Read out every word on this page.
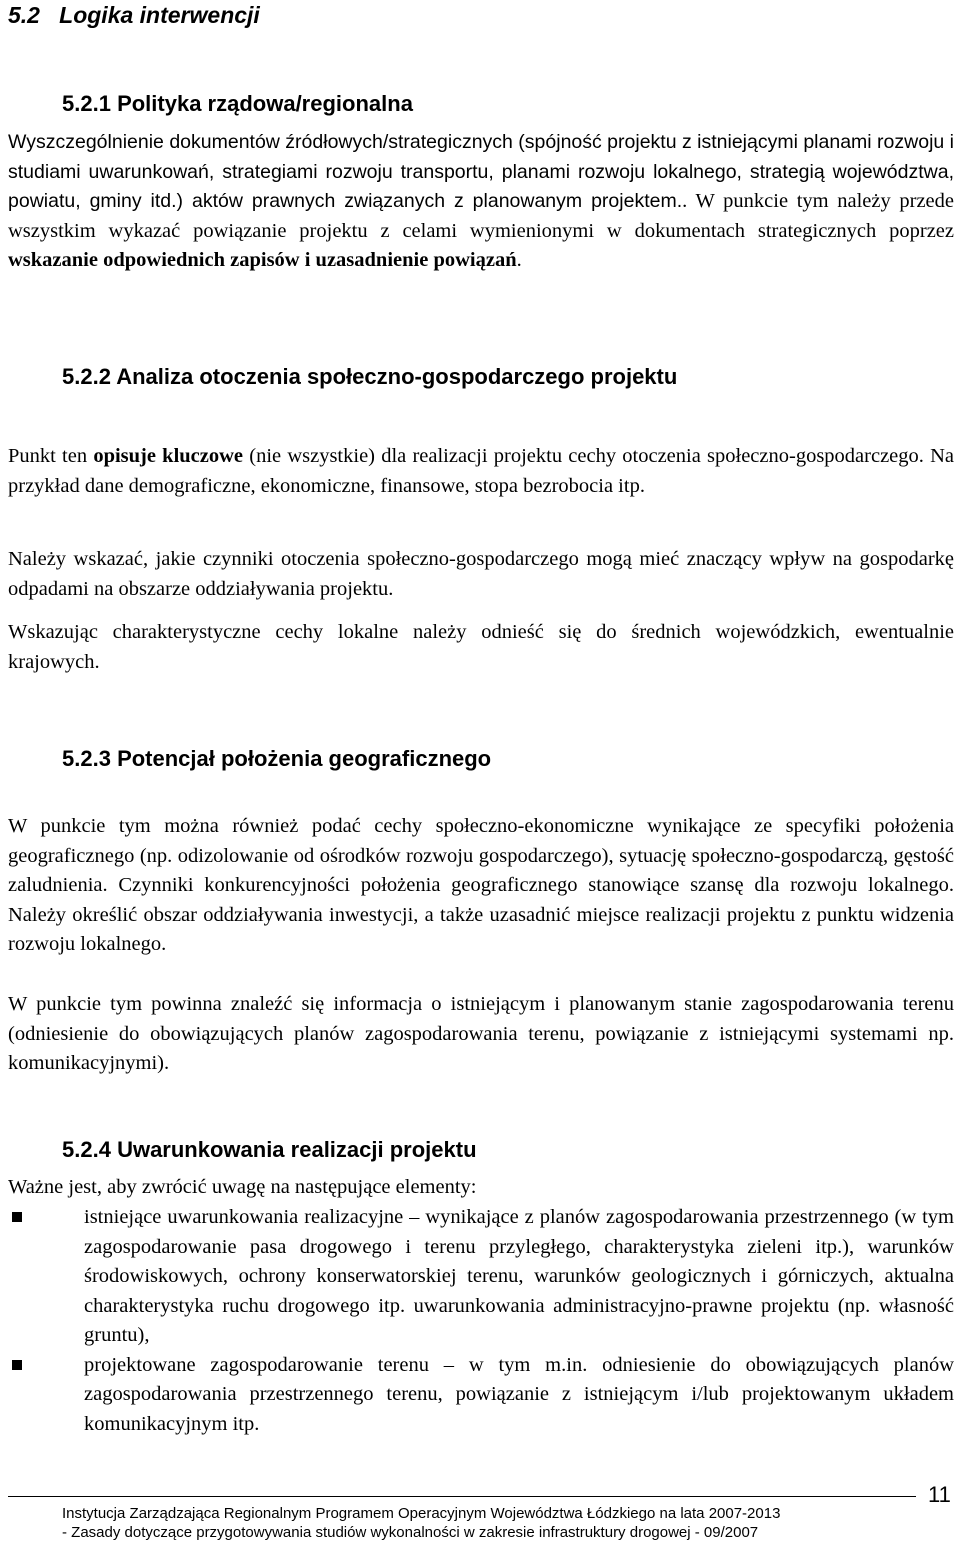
5.2 Logika interwencji
5.2.1 Polityka rządowa/regionalna
Wyszczególnienie dokumentów źródłowych/strategicznych (spójność projektu z istniejącymi planami rozwoju i studiami uwarunkowań, strategiami rozwoju transportu, planami rozwoju lokalnego, strategią województwa, powiatu, gminy itd.) aktów prawnych związanych z planowanym projektem.. W punkcie tym należy przede wszystkim wykazać powiązanie projektu z celami wymienionymi w dokumentach strategicznych poprzez wskazanie odpowiednich zapisów i uzasadnienie powiązań.
5.2.2 Analiza otoczenia społeczno-gospodarczego projektu
Punkt ten opisuje kluczowe (nie wszystkie) dla realizacji projektu cechy otoczenia społeczno-gospodarczego. Na przykład dane demograficzne, ekonomiczne, finansowe, stopa bezrobocia itp.
Należy wskazać, jakie czynniki otoczenia społeczno-gospodarczego mogą mieć znaczący wpływ na gospodarkę odpadami na obszarze oddziaływania projektu.
Wskazując charakterystyczne cechy lokalne należy odnieść się do średnich wojewódzkich, ewentualnie krajowych.
5.2.3 Potencjał położenia geograficznego
W punkcie tym można również podać cechy społeczno-ekonomiczne wynikające ze specyfiki położenia geograficznego (np. odizolowanie od ośrodków rozwoju gospodarczego), sytuację społeczno-gospodarczą, gęstość zaludnienia. Czynniki konkurencyjności położenia geograficznego stanowiące szansę dla rozwoju lokalnego. Należy określić obszar oddziaływania inwestycji, a także uzasadnić miejsce realizacji projektu z punktu widzenia rozwoju lokalnego.
W punkcie tym powinna znaleźć się informacja o istniejącym i planowanym stanie zagospodarowania terenu (odniesienie do obowiązujących planów zagospodarowania terenu, powiązanie z istniejącymi systemami np. komunikacyjnymi).
5.2.4 Uwarunkowania realizacji projektu
Ważne jest, aby zwrócić uwagę na następujące elementy:
istniejące uwarunkowania realizacyjne – wynikające z planów zagospodarowania przestrzennego (w tym zagospodarowanie pasa drogowego i terenu przyległego, charakterystyka zieleni itp.), warunków środowiskowych, ochrony konserwatorskiej terenu, warunków geologicznych i górniczych, aktualna charakterystyka ruchu drogowego itp. uwarunkowania administracyjno-prawne projektu (np. własność gruntu),
projektowane zagospodarowanie terenu – w tym m.in. odniesienie do obowiązujących planów zagospodarowania przestrzennego terenu, powiązanie z istniejącym i/lub projektowanym układem komunikacyjnym itp.
Instytucja Zarządzająca Regionalnym Programem Operacyjnym Województwa Łódzkiego na lata 2007-2013
- Zasady dotyczące przygotowywania studiów wykonalności w zakresie infrastruktury drogowej - 09/2007
11
